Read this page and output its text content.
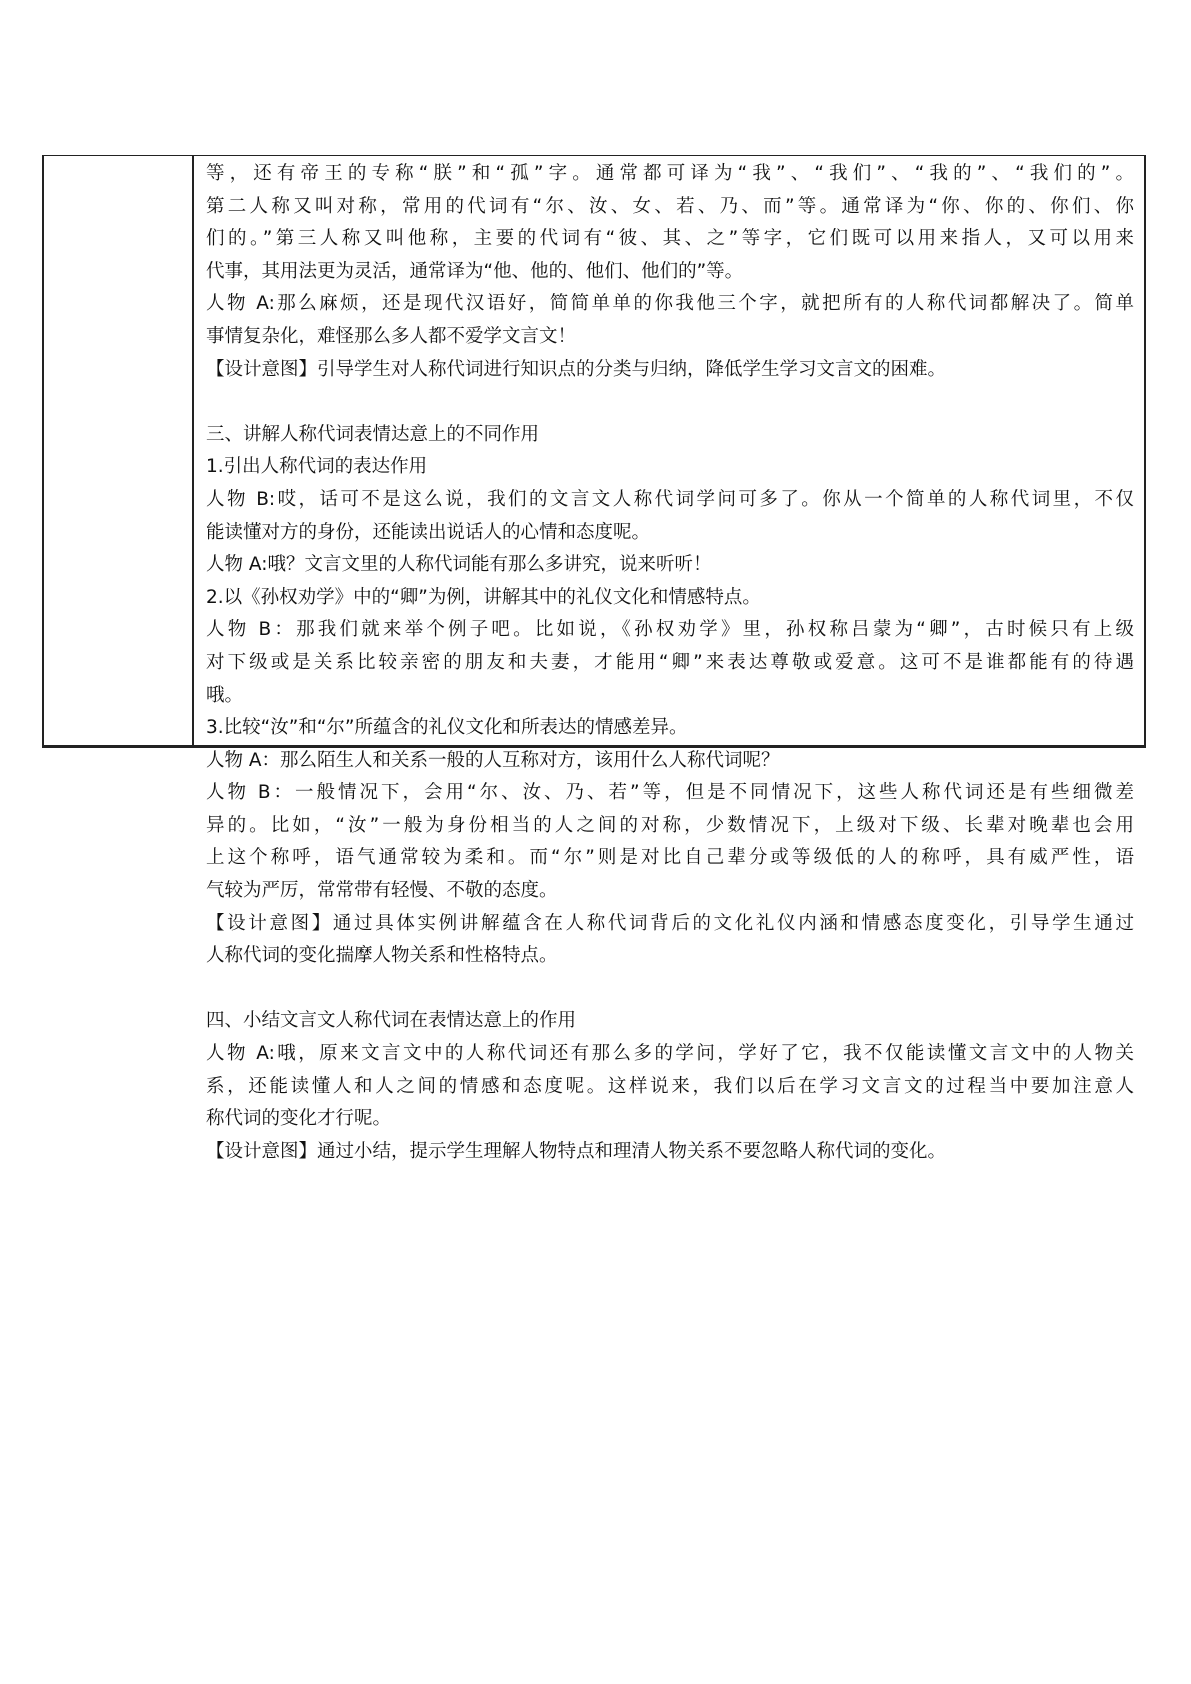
等，还有帝王的专称“朕”和“孤”字。通常都可译为“我”、“我们”、“我的”、“我们的”。
第二人称又叫对称，常用的代词有“尔、汝、女、若、乃、而”等。通常译为“你、你的、你们、你
们的。”第三人称又叫他称，主要的代词有“彼、其、之”等字，它们既可以用来指人，又可以用来
代事，其用法更为灵活，通常译为“他、他的、他们、他们的”等。
人物 A:那么麻烦，还是现代汉语好，简简单单的你我他三个字，就把所有的人称代词都解决了。简单
事情复杂化，难怪那么多人都不爱学文言文！
【设计意图】引导学生对人称代词进行知识点的分类与归纳，降低学生学习文言文的困难。
三、讲解人称代词表情达意上的不同作用
1.引出人称代词的表达作用
人物 B:哎，话可不是这么说，我们的文言文人称代词学问可多了。你从一个简单的人称代词里，不仅
能读懂对方的身份，还能读出说话人的心情和态度呢。
人物 A:哦？文言文里的人称代词能有那么多讲究，说来听听！
2.以《孙权劝学》中的“卿”为例，讲解其中的礼仪文化和情感特点。
人物 B：那我们就来举个例子吧。比如说，《孙权劝学》里，孙权称吕蒙为“卿”，古时候只有上级
对下级或是关系比较亲密的朋友和夫妻，才能用“卿”来表达尊敬或爱意。这可不是谁都能有的待遇
哦。
3.比较“汝”和“尔”所蕴含的礼仪文化和所表达的情感差异。
人物 A：那么陌生人和关系一般的人互称对方，该用什么人称代词呢？
人物 B：一般情况下，会用“尔、汝、乃、若”等，但是不同情况下，这些人称代词还是有些细微差
异的。比如，“汝”一般为身份相当的人之间的对称，少数情况下，上级对下级、长辈对晚辈也会用
上这个称呼，语气通常较为柔和。而“尔”则是对比自己辈分或等级低的人的称呼，具有威严性，语
气较为严厉，常常带有轻慢、不敬的态度。
【设计意图】通过具体实例讲解蕴含在人称代词背后的文化礼仪内涵和情感态度变化，引导学生通过
人称代词的变化揣摩人物关系和性格特点。
四、小结文言文人称代词在表情达意上的作用
人物 A:哦，原来文言文中的人称代词还有那么多的学问，学好了它，我不仅能读懂文言文中的人物关
系，还能读懂人和人之间的情感和态度呢。这样说来，我们以后在学习文言文的过程当中要加注意人
称代词的变化才行呢。
【设计意图】通过小结，提示学生理解人物特点和理清人物关系不要忽略人称代词的变化。
